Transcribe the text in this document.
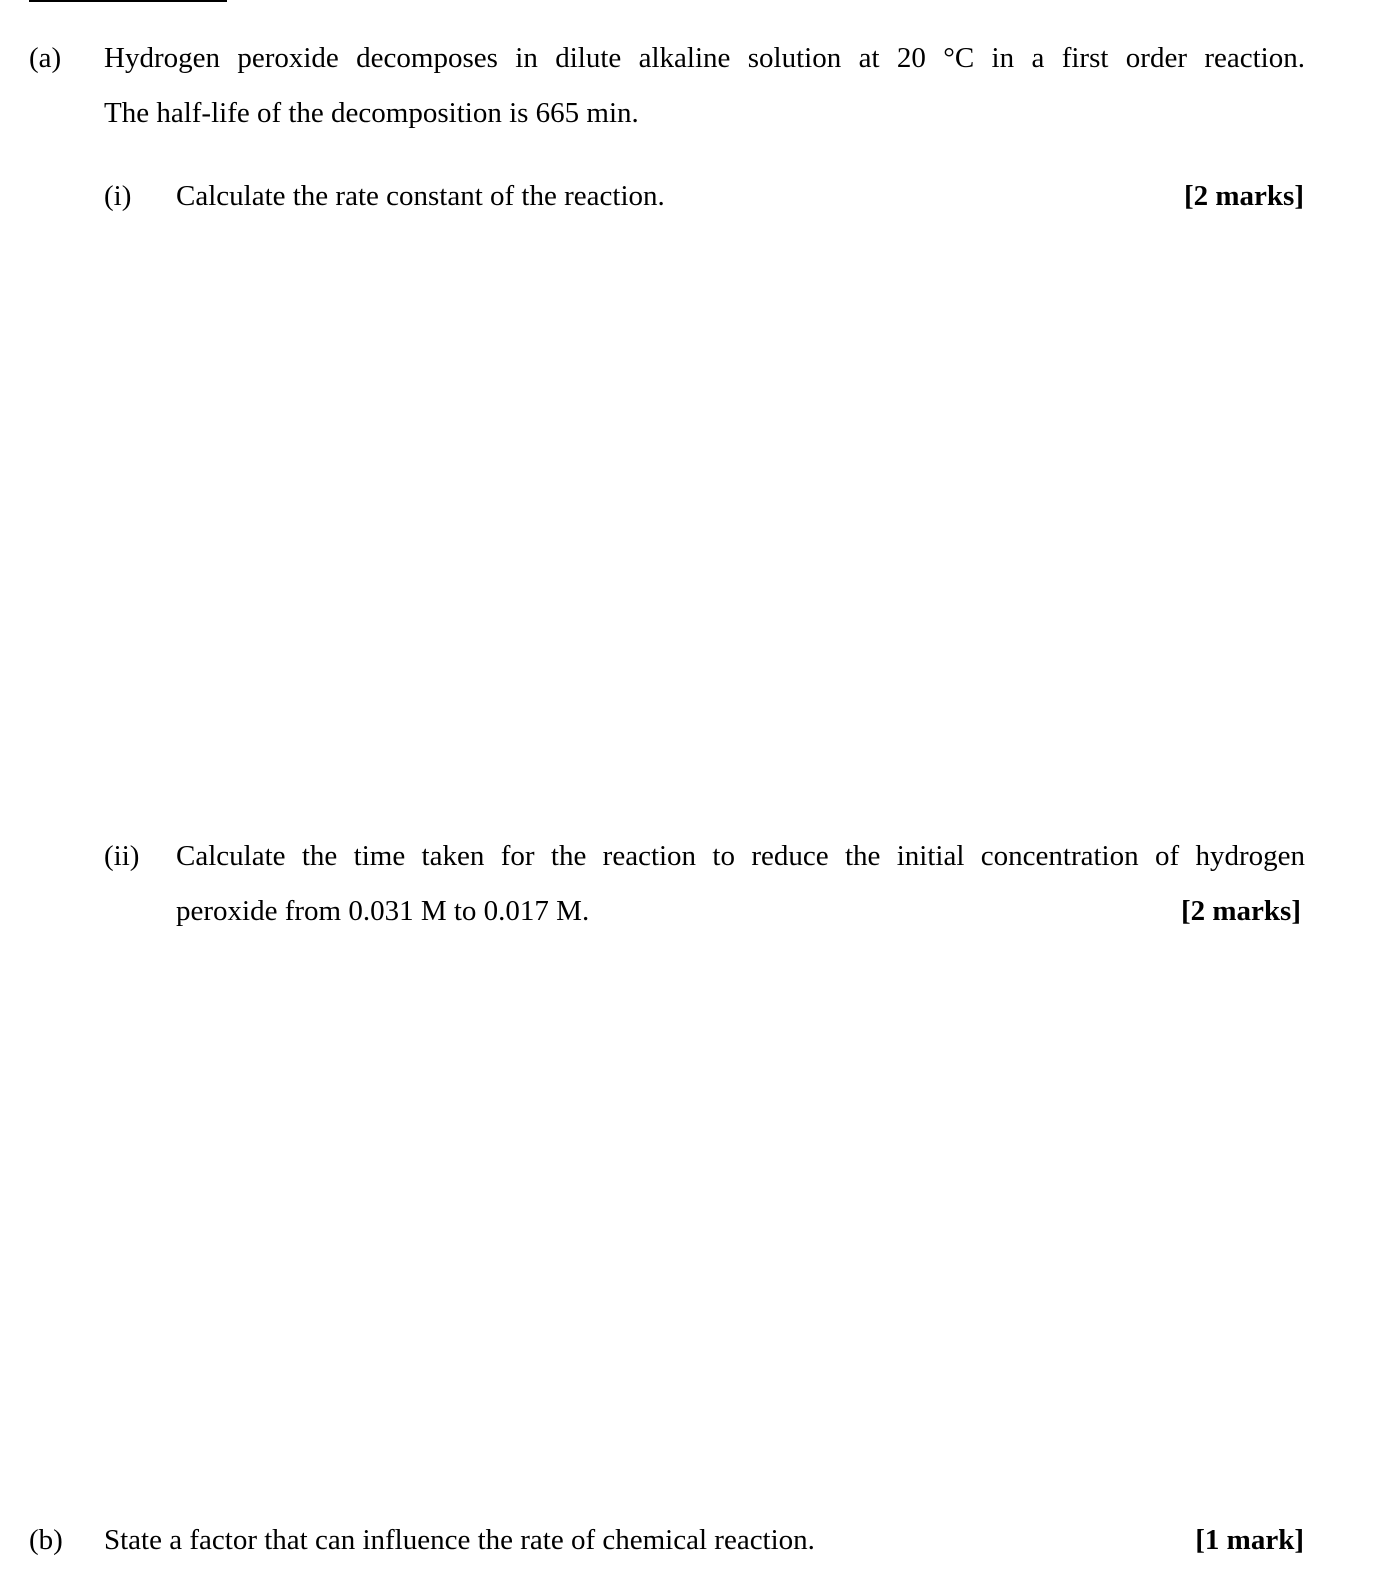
(a) Hydrogen peroxide decomposes in dilute alkaline solution at 20 °C in a first order reaction.
The half-life of the decomposition is 665 min.
(i) Calculate the rate constant of the reaction.	[2 marks]
(ii) Calculate the time taken for the reaction to reduce the initial concentration of hydrogen
peroxide from 0.031 M to 0.017 M.	[2 marks]
(b) State a factor that can influence the rate of chemical reaction.	[1 mark]
